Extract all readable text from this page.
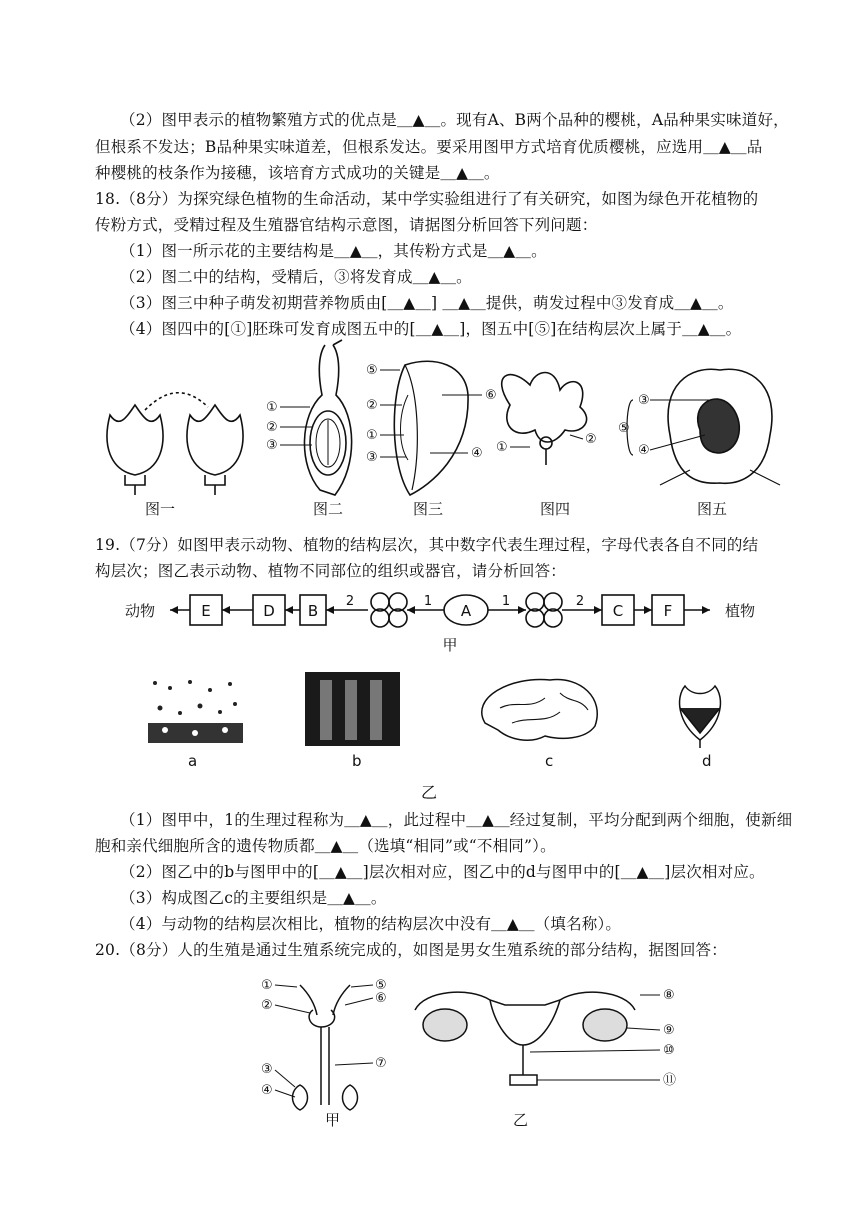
（2）图甲表示的植物繁殖方式的优点是＿▲＿。现有A、B两个品种的樱桃，A品种果实味道好，
但根系不发达；B品种果实味道差，但根系发达。要采用图甲方式培育优质樱桃，应选用＿▲＿品
种樱桃的枝条作为接穗，该培育方式成功的关键是＿▲＿。
18.（8分）为探究绿色植物的生命活动，某中学实验组进行了有关研究，如图为绿色开花植物的
传粉方式，受精过程及生殖器官结构示意图，请据图分析回答下列问题：
（1）图一所示花的主要结构是＿▲＿，其传粉方式是＿▲＿。
（2）图二中的结构，受精后，③将发育成＿▲＿。
（3）图三中种子萌发初期营养物质由[＿▲＿] ＿▲＿提供，萌发过程中③发育成＿▲＿。
（4）图四中的[①]胚珠可发育成图五中的[＿▲＿]，图五中[⑤]在结构层次上属于＿▲＿。
①
②
③
⑤
②
①
③
⑥
④ ①
②
⑤
③
④
图一	图二	图三	图四	图五
19.（7分）如图甲表示动物、植物的结构层次，其中数字代表生理过程，字母代表各自不同的结
构层次；图乙表示动物、植物不同部位的组织或器官，请分析回答：
动物	E	D B	A	C	F	植物
2	1	1	2
甲
a	b	c	d
乙
（1）图甲中，1的生理过程称为＿▲＿，此过程中＿▲＿经过复制，平均分配到两个细胞，使新细
胞和亲代细胞所含的遗传物质都＿▲＿（选填“相同”或“不相同”）。
（2）图乙中的b与图甲中的[＿▲＿]层次相对应，图乙中的d与图甲中的[＿▲＿]层次相对应。
（3）构成图乙c的主要组织是＿▲＿。
（4）与动物的结构层次相比，植物的结构层次中没有＿▲＿（填名称）。
20.（8分）人的生殖是通过生殖系统完成的，如图是男女生殖系统的部分结构，据图回答：
①
②
③
④
⑤
⑥
⑦
⑧
⑨
⑩
⑪
甲	乙
